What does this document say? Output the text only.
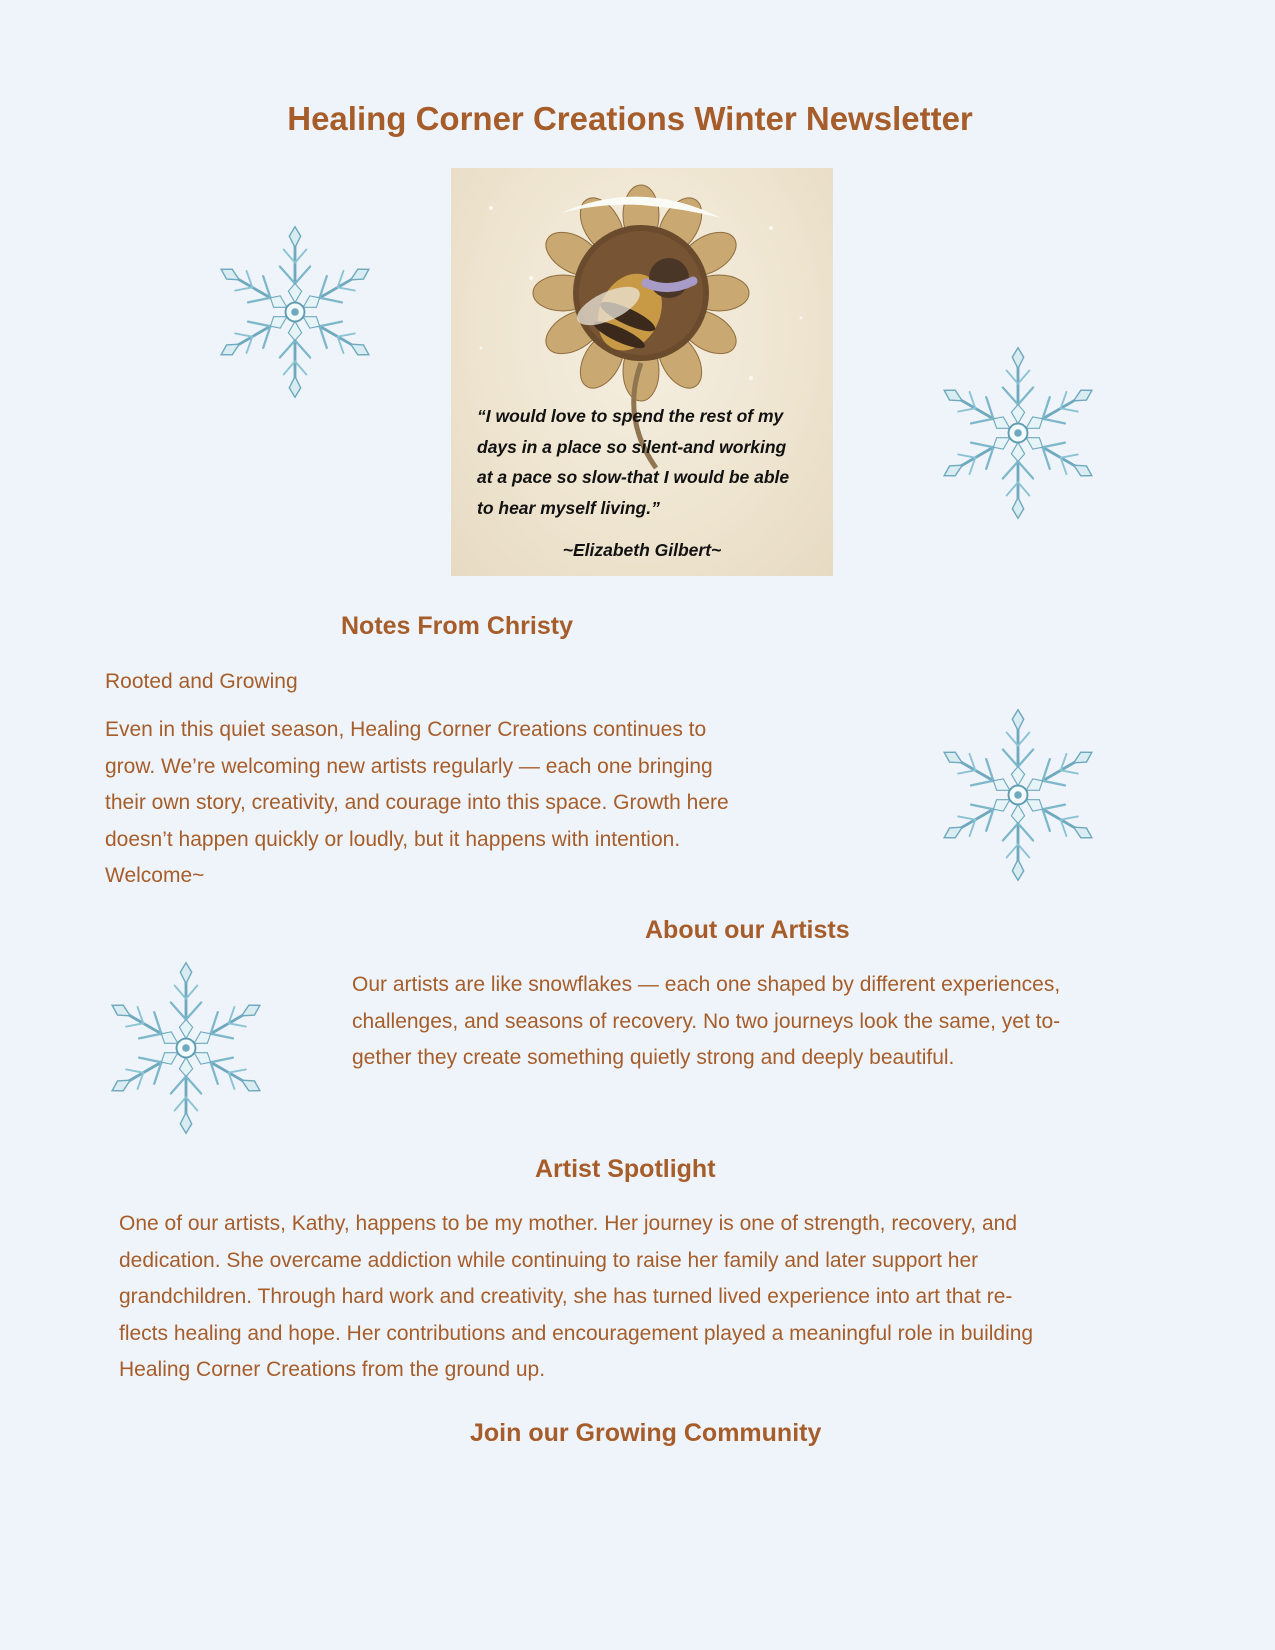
Healing Corner Creations Winter Newsletter

“I would love to spend the rest of my
days in a place so silent-and working
at a pace so slow-that I would be able
to hear myself living.”

~Elizabeth Gilbert~

Notes From Christy

Rooted and Growing

Even in this quiet season, Healing Corner Creations continues to

grow. We’re welcoming new artists regularly — each one bringing

their own story, creativity, and courage into this space. Growth here

doesn’t happen quickly or loudly, but it happens with intention.

Welcome~

About our Artists

Our artists are like snowflakes — each one shaped by different experiences,

challenges, and seasons of recovery. No two journeys look the same, yet to-

gether they create something quietly strong and deeply beautiful.

Artist Spotlight

One of our artists, Kathy, happens to be my mother. Her journey is one of strength, recovery, and

dedication. She overcame addiction while continuing to raise her family and later support her

grandchildren. Through hard work and creativity, she has turned lived experience into art that re-

flects healing and hope. Her contributions and encouragement played a meaningful role in building

Healing Corner Creations from the ground up.

Join our Growing Community
